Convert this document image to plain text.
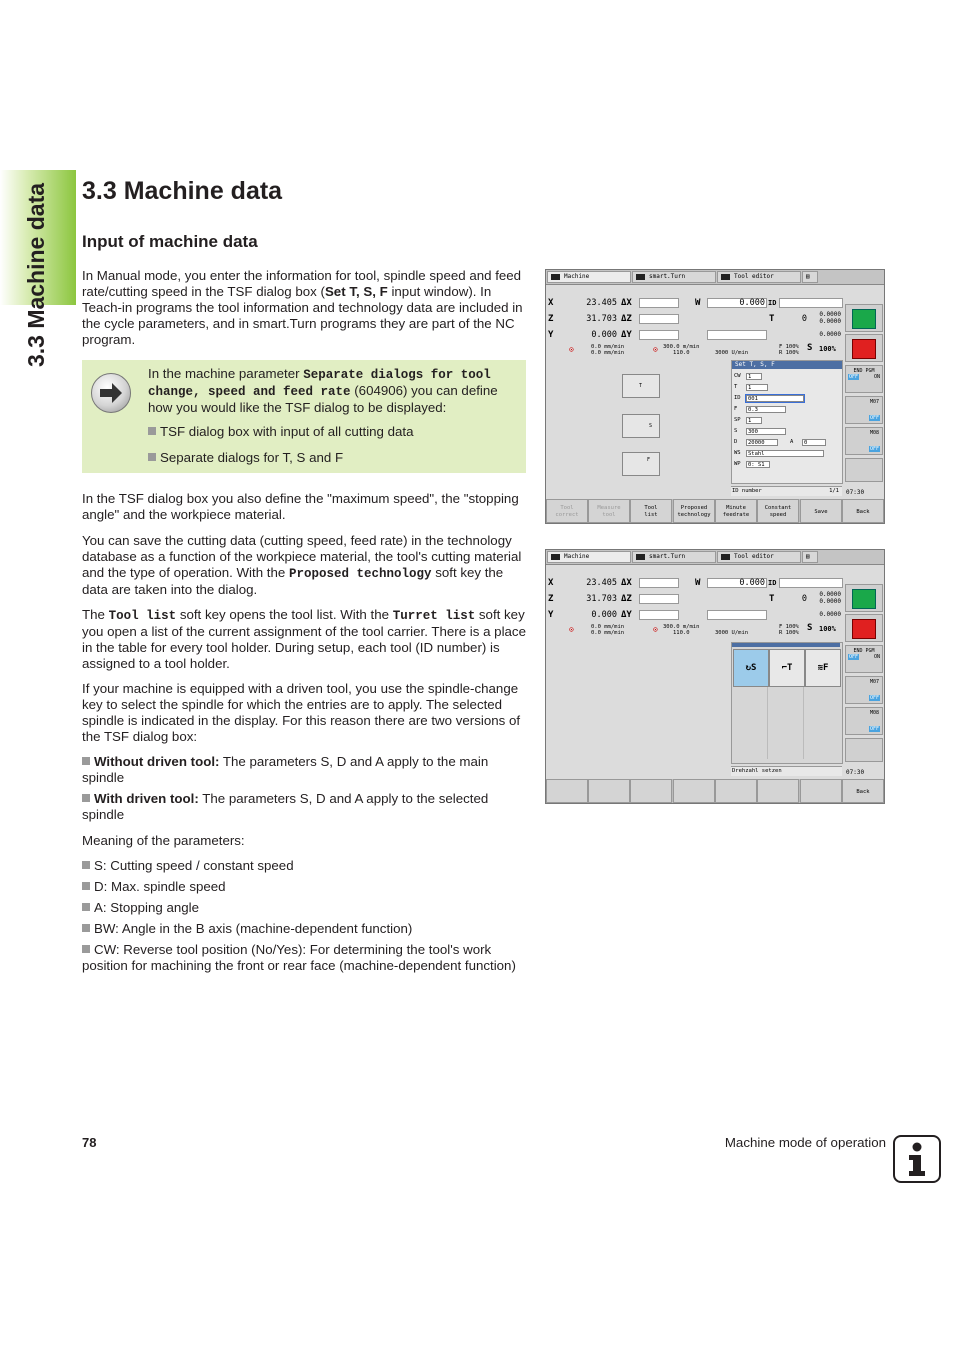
3.3 Machine data 3.3 Machine data
Input of machine data

In Manual mode, you enter the information for tool, spindle speed and feed rate/cutting speed in the TSF dialog box (Set T, S, F input window). In Teach-in programs the tool information and technology data are included in the cycle parameters, and in smart.Turn programs they are part of the NC program.

In the machine parameter Separate dialogs for tool change, speed and feed rate (604906) you can define how you would like the TSF dialog to be displayed:

TSF dialog box with input of all cutting data
Separate dialogs for T, S and F

In the TSF dialog box you also define the "maximum speed", the "stopping angle" and the workpiece material.

You can save the cutting data (cutting speed, feed rate) in the technology database as a function of the workpiece material, the tool's cutting material and the type of operation. With the Proposed technology soft key the data are taken into the dialog.

The Tool list soft key opens the tool list. With the Turret list soft key you open a list of the current assignment of the tool carrier. There is a place in the table for every tool holder. During setup, each tool (ID number) is assigned to a tool holder.

If your machine is equipped with a driven tool, you use the spindle-change key to select the spindle for which the entries are to apply. The selected spindle is indicated in the display. For this reason there are two versions of the TSF dialog box:

Without driven tool: The parameters S, D and A apply to the main spindle
With driven tool: The parameters S, D and A apply to the selected spindle

Meaning of the parameters:

S: Cutting speed / constant speed
D: Max. spindle speed
A: Stopping angle
BW: Angle in the B axis (machine-dependent function)
CW: Reverse tool position (No/Yes): For determining the tool's work position for machining the front or rear face (machine-dependent function)
Machine	smart.Turn	Tool editor	▤
X	23.405 ΔX	W	0.000 ID
Z	31.703 ΔZ	T	0	0.0000
0.0000
Y	0.000 ΔY	0.0000
⊙	0.0 mm/min
0.0 mm/min	⊙ 300.0 m/min
110.0	3000 U/min
F 100%
R 100% S 100%
END PGM
OFF	ON
M07
OFF
M08
OFF
07:30
T
S
F
Set T, S, F
CW	1
T	1
ID	001
F	0.3
SP	1
S	300
D	20000	A	0
WS	Stahl
WP	0: S1
ID number	1/1
Tool
correct
Measure
tool
Tool
list
Proposed
technology
Minute
feedrate
Constant
speed	Save	Back
Machine	smart.Turn	Tool editor	▤
X	23.405 ΔX	W	0.000 ID
Z	31.703 ΔZ	T	0	0.0000
0.0000
Y	0.000 ΔY	0.0000
⊙	0.0 mm/min
0.0 mm/min	⊙ 300.0 m/min
110.0	3000 U/min
F 100%
R 100% S 100%
END PGM
OFF	ON
M07
OFF
M08
OFF
07:30
↻S	⌐T	≋F
Drehzahl setzen
Back
78	Machine mode of operation
